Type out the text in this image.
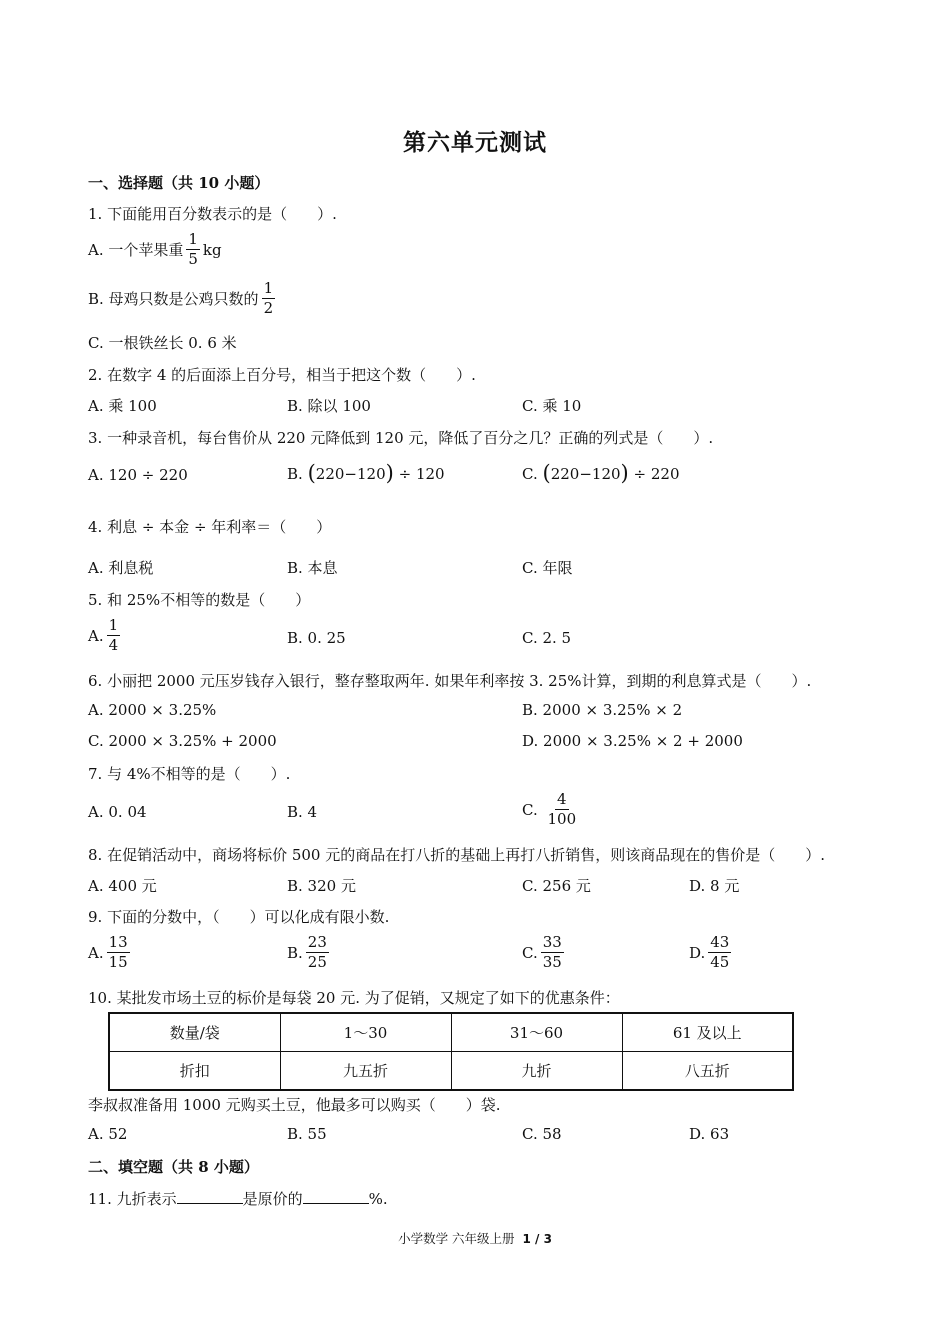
第六单元测试
一、选择题（共 10 小题）
1. 下面能用百分数表示的是（　　）.
A. 一个苹果重 $\frac{1}{5}$ kg
B. 母鸡只数是公鸡只数的 $\frac{1}{2}$
C. 一根铁丝长 0. 6 米
2. 在数字 4 的后面添上百分号，相当于把这个数（　　）.
A. 乘 100	B. 除以 100	C. 乘 10
3. 一种录音机，每台售价从 220 元降低到 120 元，降低了百分之几？正确的列式是（　　）.
A. 120 ÷ 220	B.
( 220−120 )
÷ 120	C.
( 220−120 )
÷ 220
4. 利息 ÷ 本金 ÷ 年利率＝（　　）
A. 利息税	B. 本息	C. 年限
5. 和 25%不相等的数是（　　）
A. $\frac{1}{4}$	B. 0. 25	C. 2. 5
6. 小丽把 2000 元压岁钱存入银行，整存整取两年. 如果年利率按 3. 25%计算，到期的利息算式是（　　）.
A. 2000 × 3.25%	B. 2000 × 3.25% × 2
C. 2000 × 3.25% + 2000	D. 2000 × 3.25% × 2 + 2000
7. 与 4%不相等的是（　　）.
A. 0. 04	B. 4	C.
$\frac{4}{100}$
8. 在促销活动中，商场将标价 500 元的商品在打八折的基础上再打八折销售，则该商品现在的售价是（　　）.
A. 400 元	B. 320 元	C. 256 元	D. 8 元
9. 下面的分数中，（　　）可以化成有限小数.
A. $\frac{13}{15}$	B. $\frac{23}{25}$	C. $\frac{33}{35}$	D. $\frac{43}{45}$
10. 某批发市场土豆的标价是每袋 20 元. 为了促销，又规定了如下的优惠条件：
数量/袋	1～30	31～60	61 及以上
折扣	九五折	九折	八五折
李叔叔准备用 1000 元购买土豆，他最多可以购买（　　）袋.
A. 52	B. 55	C. 58	D. 63
二、填空题（共 8 小题）
11. 九折表示	是原价的	%.
小学数学 六年级上册 1 / 3
